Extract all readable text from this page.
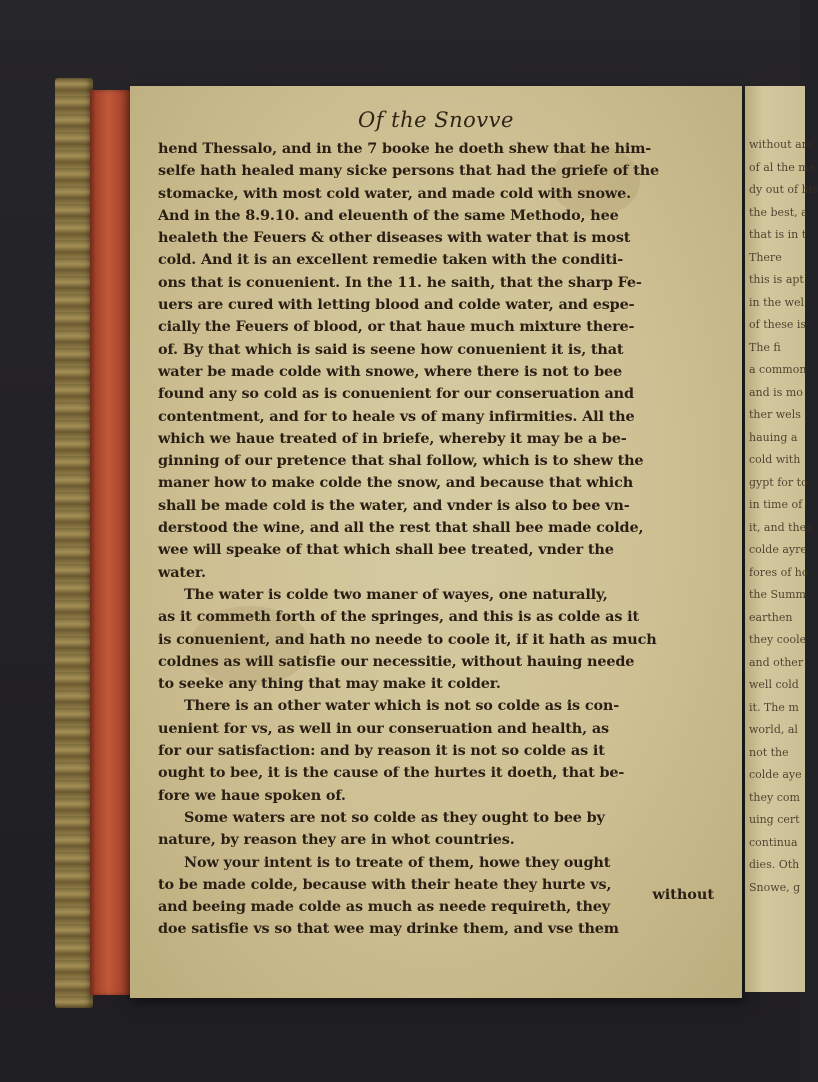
Of the Snovve
hend Thessalo, and in the 7 booke he doeth shew that he him-
selfe hath healed many sicke persons that had the griefe of the
stomacke, with most cold water, and made cold with snowe.
And in the 8.9.10. and eleuenth of the same Methodo, hee
healeth the Feuers & other diseases with water that is most
cold. And it is an excellent remedie taken with the conditi-
ons that is conuenient. In the 11. he saith, that the sharp Fe-
uers are cured with letting blood and colde water, and espe-
cially the Feuers of blood, or that haue much mixture there-
of. By that which is said is seene how conuenient it is, that
water be made colde with snowe, where there is not to bee
found any so cold as is conuenient for our conseruation and
contentment, and for to heale vs of many infirmities. All the
which we haue treated of in briefe, whereby it may be a be-
ginning of our pretence that shal follow, which is to shew the
maner how to make colde the snow, and because that which
shall be made cold is the water, and vnder is also to bee vn-
derstood the wine, and all the rest that shall bee made colde,
wee will speake of that which shall bee treated, vnder the
water.
The water is colde two maner of wayes, one naturally,
as it commeth forth of the springes, and this is as colde as it
is conuenient, and hath no neede to coole it, if it hath as much
coldnes as will satisfie our necessitie, without hauing neede
to seeke any thing that may make it colder.
There is an other water which is not so colde as is con-
uenient for vs, as well in our conseruation and health, as
for our satisfaction: and by reason it is not so colde as it
ought to bee, it is the cause of the hurtes it doeth, that be-
fore we haue spoken of.
Some waters are not so colde as they ought to bee by
nature, by reason they are in whot countries.
Now your intent is to treate of them, howe they ought
to be made colde, because with their heate they hurte vs,
and beeing made colde as much as neede requireth, they
doe satisfie vs so that wee may drinke them, and vse them
without
without are
of al the me
dy out of his
the best, a
that is in t
There
this is apt
in the wel
of these is
The fi
a common
and is mo
ther wels
hauing a
cold with
gypt for to
in time of
it, and then
colde ayre
fores of ho
the Summ
earthen
they coole
and other
well cold
it. The m
world, al
not the
colde aye
they com
uing cert
continua
dies. Oth
Snowe, g
